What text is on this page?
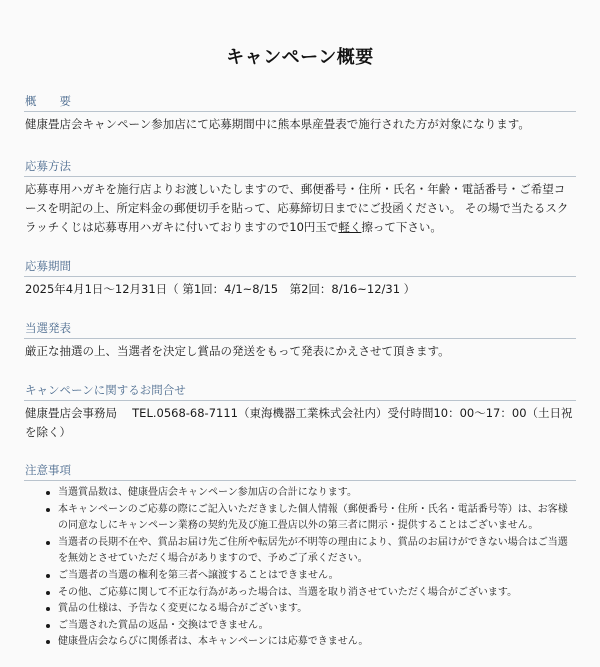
キャンペーン概要
概　　要
健康畳店会キャンペーン参加店にて応募期間中に熊本県産畳表で施行された方が対象になります。
応募方法
応募専用ハガキを施行店よりお渡しいたしますので、郵便番号・住所・氏名・年齢・電話番号・ご希望コースを明記の上、所定料金の郵便切手を貼って、応募締切日までにご投函ください。 その場で当たるスクラッチくじは応募専用ハガキに付いておりますので10円玉で軽く擦って下さい。
応募期間
2025年4月1日〜12月31日（ 第1回：4/1~8/15　第2回：8/16~12/31 ）
当選発表
厳正な抽選の上、当選者を決定し賞品の発送をもって発表にかえさせて頂きます。
キャンペーンに関するお問合せ
健康畳店会事務局　 TEL.0568-68-7111（東海機器工業株式会社内）受付時間10：00〜17：00（土日祝を除く）
注意事項
当選賞品数は、健康畳店会キャンペーン参加店の合計になります。
本キャンペーンのご応募の際にご記入いただきました個人情報（郵便番号・住所・氏名・電話番号等）は、お客様の同意なしにキャンペーン業務の契約先及び施工畳店以外の第三者に開示・提供することはございません。
当選者の長期不在や、賞品お届け先ご住所や転居先が不明等の理由により、賞品のお届けができない場合はご当選を無効とさせていただく場合がありますので、予めご了承ください。
ご当選者の当選の権利を第三者へ譲渡することはできません。
その他、ご応募に関して不正な行為があった場合は、当選を取り消させていただく場合がございます。
賞品の仕様は、予告なく変更になる場合がございます。
ご当選された賞品の返品・交換はできません。
健康畳店会ならびに関係者は、本キャンペーンには応募できません。
